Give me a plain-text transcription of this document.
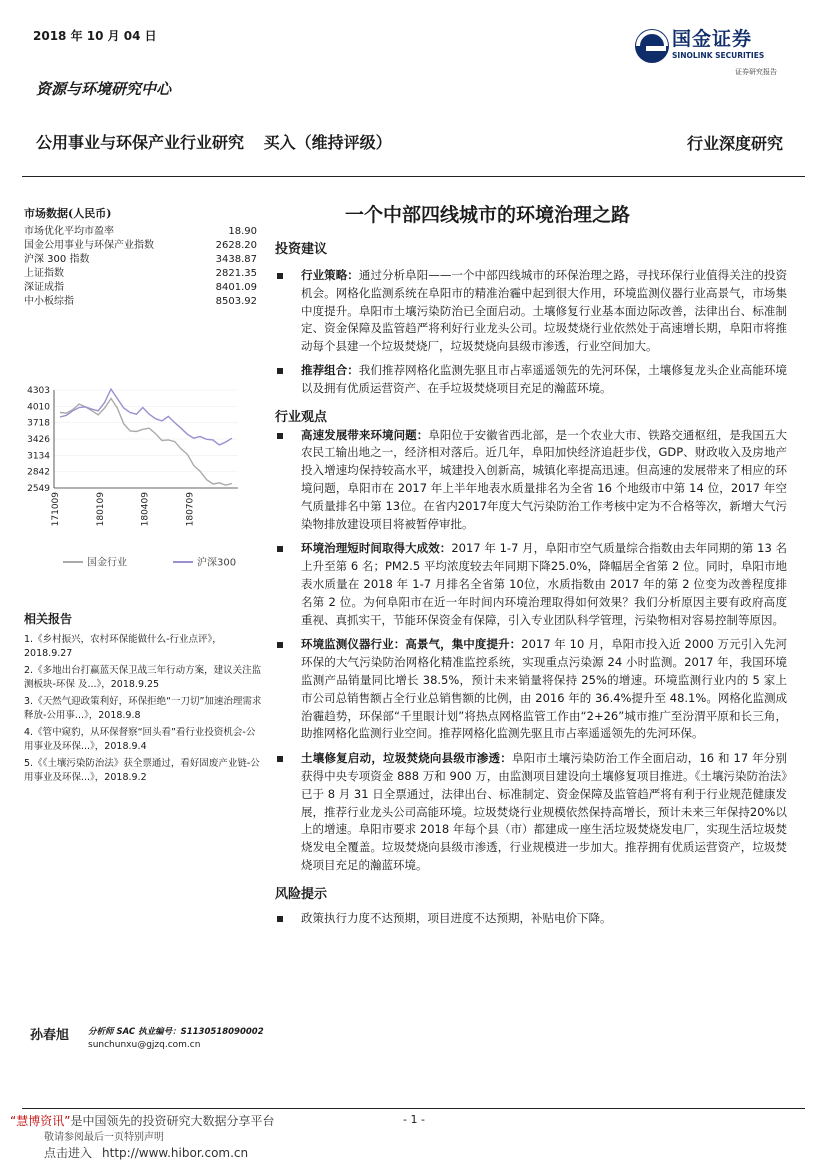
2018 年 10 月 04 日	国金证券
SINOLINK SECURITIES
证券研究报告
资源与环境研究中心
公用事业与环保产业行业研究 买入（维持评级）	行业深度研究
一个中部四线城市的环境治理之路
市场数据(人民币)
市场优化平均市盈率	18.90
国金公用事业与环保产业指数	2628.20
沪深 300 指数	3438.87
上证指数	2821.35
深证成指	8401.09
中小板综指	8503.92
4303
4010
3718
3426
3134
2842
2549
171009	180109	180409	180709
国金行业	沪深300
相关报告
1.《乡村振兴，农村环保能做什么-行业点评》，2018.9.27
2.《多地出台打赢蓝天保卫战三年行动方案，建议关注监测板块-环保 及...》，2018.9.25
3.《天然气迎政策利好，环保拒绝“一刀切”加速治理需求释放-公用事...》，2018.9.8
4.《管中窥豹，从环保督察“回头看”看行业投资机会-公用事业及环保...》，2018.9.4
5.《《土壤污染防治法》获全票通过，看好固废产业链-公用事业及环保...》，2018.9.2
孙春旭 分析师 SAC 执业编号：S1130518090002
sunchunxu@gjzq.com.cn
投资建议
行业策略：通过分析阜阳——一个中部四线城市的环保治理之路，寻找环保行业值得关注的投资机会。网格化监测系统在阜阳市的精准治霾中起到很大作用，环境监测仪器行业高景气，市场集中度提升。阜阳市土壤污染防治已全面启动。土壤修复行业基本面边际改善，法律出台、标准制定、资金保障及监管趋严将利好行业龙头公司。垃圾焚烧行业依然处于高速增长期，阜阳市将推动每个县建一个垃圾焚烧厂，垃圾焚烧向县级市渗透，行业空间加大。
推荐组合：我们推荐网格化监测先驱且市占率遥遥领先的先河环保，土壤修复龙头企业高能环境以及拥有优质运营资产、在手垃圾焚烧项目充足的瀚蓝环境。
行业观点
高速发展带来环境问题：阜阳位于安徽省西北部，是一个农业大市、铁路交通枢纽，是我国五大农民工输出地之一，经济相对落后。近几年，阜阳加快经济追赶步伐，GDP、财政收入及房地产投入增速均保持较高水平，城建投入创新高，城镇化率提高迅速。但高速的发展带来了相应的环境问题，阜阳市在 2017 年上半年地表水质量排名为全省 16 个地级市中第 14 位，2017 年空气质量排名中第 13位。在省内2017年度大气污染防治工作考核中定为不合格等次，新增大气污染物排放建设项目将被暂停审批。
环境治理短时间取得大成效：2017 年 1-7 月，阜阳市空气质量综合指数由去年同期的第 13 名上升至第 6 名；PM2.5 平均浓度较去年同期下降25.0%，降幅居全省第 2 位。同时，阜阳市地表水质量在 2018 年 1-7 月排名全省第 10位，水质指数由 2017 年的第 2 位变为改善程度排名第 2 位。为何阜阳市在近一年时间内环境治理取得如何效果？我们分析原因主要有政府高度重视、真抓实干，节能环保资金有保障，引入专业团队科学管理，污染物相对容易控制等原因。
环境监测仪器行业：高景气，集中度提升：2017 年 10 月，阜阳市投入近 2000 万元引入先河环保的大气污染防治网格化精准监控系统，实现重点污染源 24 小时监测。2017 年，我国环境监测产品销量同比增长 38.5%，预计未来销量将保持 25%的增速。环境监测行业内的 5 家上市公司总销售额占全行业总销售额的比例，由 2016 年的 36.4%提升至 48.1%。网格化监测成治霾趋势，环保部“千里眼计划”将热点网格监管工作由“2+26”城市推广至汾渭平原和长三角，助推网格化监测行业空间。推荐网格化监测先驱且市占率遥遥领先的先河环保。
土壤修复启动，垃圾焚烧向县级市渗透：阜阳市土壤污染防治工作全面启动，16 和 17 年分别获得中央专项资金 888 万和 900 万，由监测项目建设向土壤修复项目推进。《土壤污染防治法》已于 8 月 31 日全票通过，法律出台、标准制定、资金保障及监管趋严将有利于行业规范健康发展，推荐行业龙头公司高能环境。垃圾焚烧行业规模依然保持高增长，预计未来三年保持20%以上的增速。阜阳市要求 2018 年每个县（市）都建成一座生活垃圾焚烧发电厂，实现生活垃圾焚烧发电全覆盖。垃圾焚烧向县级市渗透，行业规模进一步加大。推荐拥有优质运营资产，垃圾焚烧项目充足的瀚蓝环境。
风险提示
政策执行力度不达预期，项目进度不达预期，补贴电价下降。
“慧博资讯”是中国领先的投资研究大数据分享平台	- 1 -
敬请参阅最后一页特别声明
点击进入 http://www.hibor.com.cn
